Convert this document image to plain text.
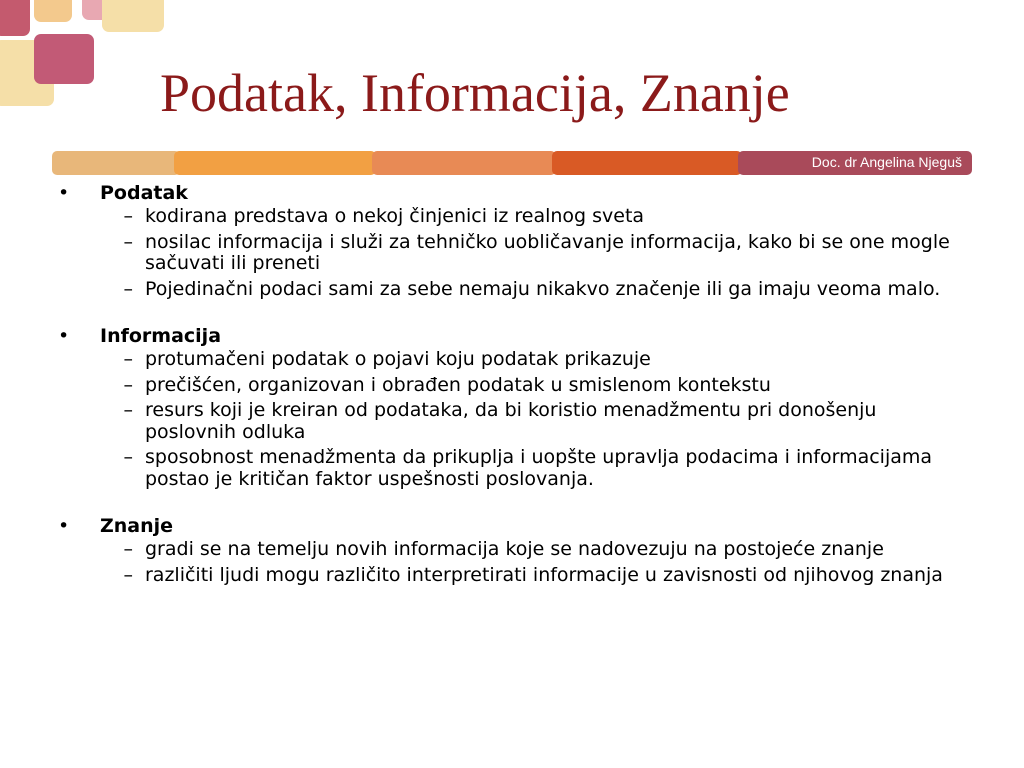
Podatak, Informacija, Znanje
Doc. dr Angelina Njeguš
•	Podatak
– kodirana predstava o nekoj činjenici iz realnog sveta
– nosilac informacija i služi za tehničko uobličavanje informacija, kako bi se one mogle sačuvati ili preneti
– Pojedinačni podaci sami za sebe nemaju nikakvo značenje ili ga imaju veoma malo.
•	Informacija
– protumačeni podatak o pojavi koju podatak prikazuje
– prečišćen, organizovan i obrađen podatak u smislenom kontekstu
– resurs koji je kreiran od podataka, da bi koristio menadžmentu pri donošenju poslovnih odluka
– sposobnost menadžmenta da prikuplja i uopšte upravlja podacima i informacijama postao je kritičan faktor uspešnosti poslovanja.
•	Znanje
– gradi se na temelju novih informacija koje se nadovezuju na postojeće znanje
– različiti ljudi mogu različito interpretirati informacije u zavisnosti od njihovog znanja
